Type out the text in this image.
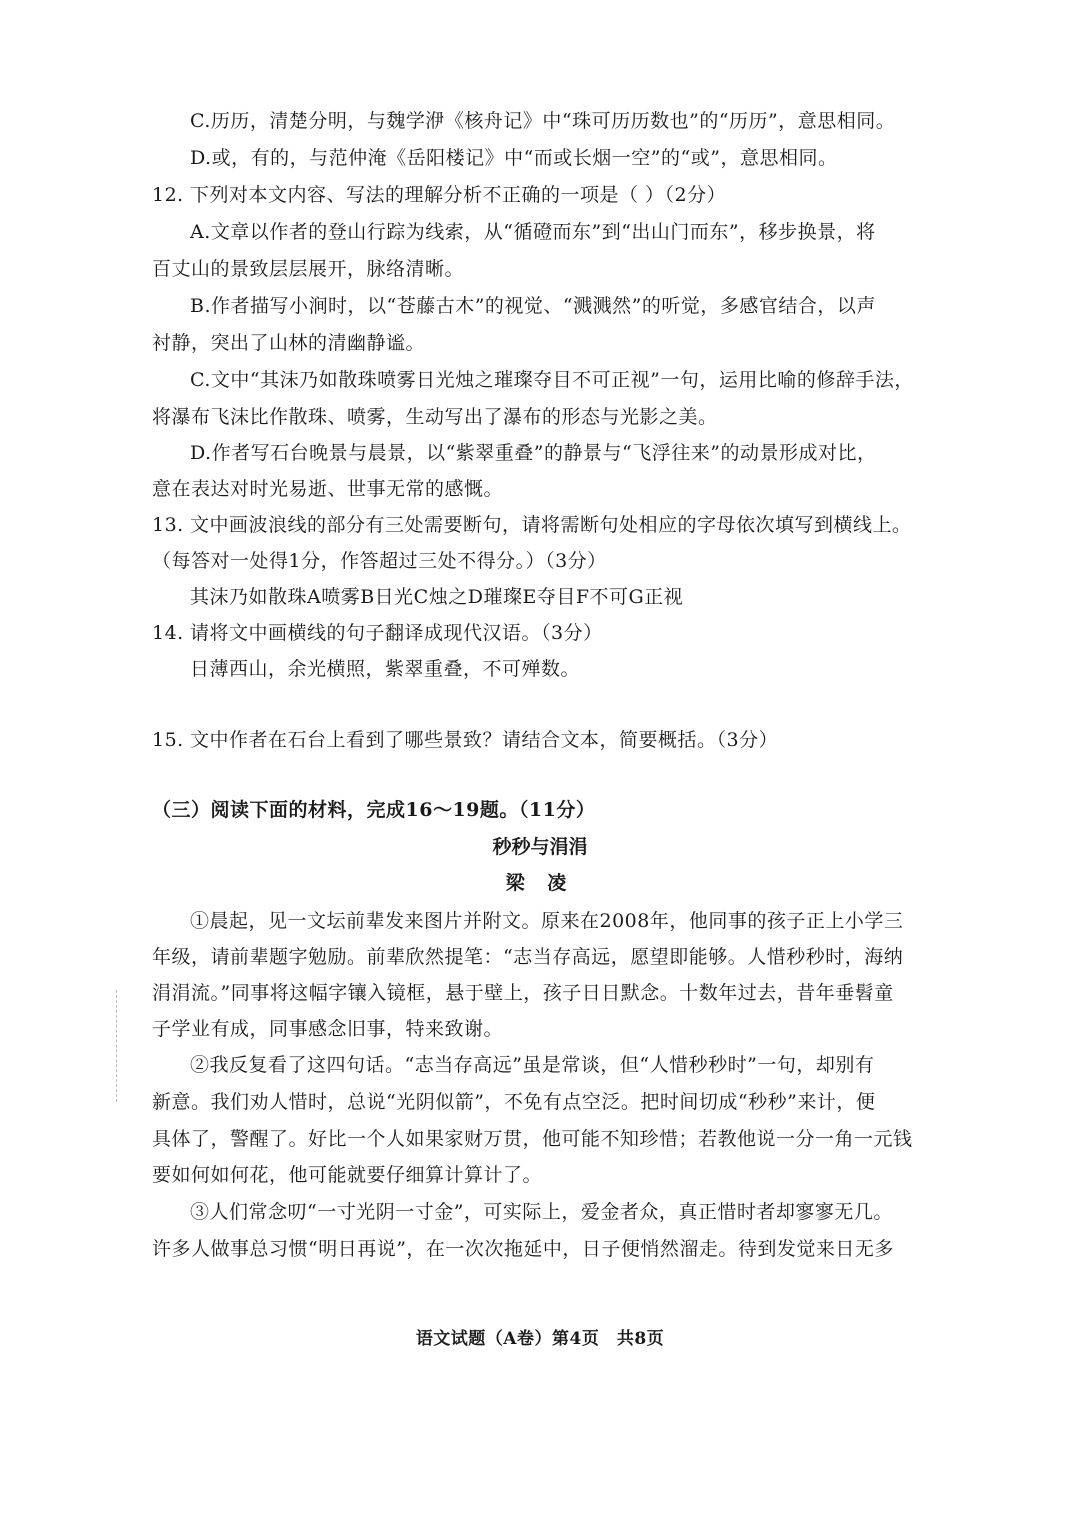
C.历历，清楚分明，与魏学洢《核舟记》中“珠可历历数也”的“历历”，意思相同。
D.或，有的，与范仲淹《岳阳楼记》中“而或长烟一空”的“或”，意思相同。
12. 下列对本文内容、写法的理解分析不正确的一项是（ ）（2分）
A.文章以作者的登山行踪为线索，从“循磴而东”到“出山门而东”，移步换景，将
百丈山的景致层层展开，脉络清晰。
B.作者描写小涧时，以“苍藤古木”的视觉、“溅溅然”的听觉，多感官结合，以声
衬静，突出了山林的清幽静谧。
C.文中“其沫乃如散珠喷雾日光烛之璀璨夺目不可正视”一句，运用比喻的修辞手法，
将瀑布飞沫比作散珠、喷雾，生动写出了瀑布的形态与光影之美。
D.作者写石台晚景与晨景，以“紫翠重叠”的静景与“飞浮往来”的动景形成对比，
意在表达对时光易逝、世事无常的感慨。
13. 文中画波浪线的部分有三处需要断句，请将需断句处相应的字母依次填写到横线上。
（每答对一处得1分，作答超过三处不得分。）（3分）
其沫乃如散珠A喷雾B日光C烛之D璀璨E夺目F不可G正视
14. 请将文中画横线的句子翻译成现代汉语。（3分）
日薄西山，余光横照，紫翠重叠，不可殚数。
15. 文中作者在石台上看到了哪些景致？请结合文本，简要概括。（3分）
（三）阅读下面的材料，完成16～19题。（11分）
秒秒与涓涓
梁 凌
①晨起，见一文坛前辈发来图片并附文。原来在2008年，他同事的孩子正上小学三
年级，请前辈题字勉励。前辈欣然提笔：“志当存高远，愿望即能够。人惜秒秒时，海纳
涓涓流。”同事将这幅字镶入镜框，悬于壁上，孩子日日默念。十数年过去，昔年垂髫童
子学业有成，同事感念旧事，特来致谢。
②我反复看了这四句话。“志当存高远”虽是常谈，但“人惜秒秒时”一句，却别有
新意。我们劝人惜时，总说“光阴似箭”，不免有点空泛。把时间切成“秒秒”来计，便
具体了，警醒了。好比一个人如果家财万贯，他可能不知珍惜；若教他说一分一角一元钱
要如何如何花，他可能就要仔细算计算计了。
③人们常念叨“一寸光阴一寸金”，可实际上，爱金者众，真正惜时者却寥寥无几。
许多人做事总习惯“明日再说”，在一次次拖延中，日子便悄然溜走。待到发觉来日无多
语文试题（A卷）第4页　共8页
